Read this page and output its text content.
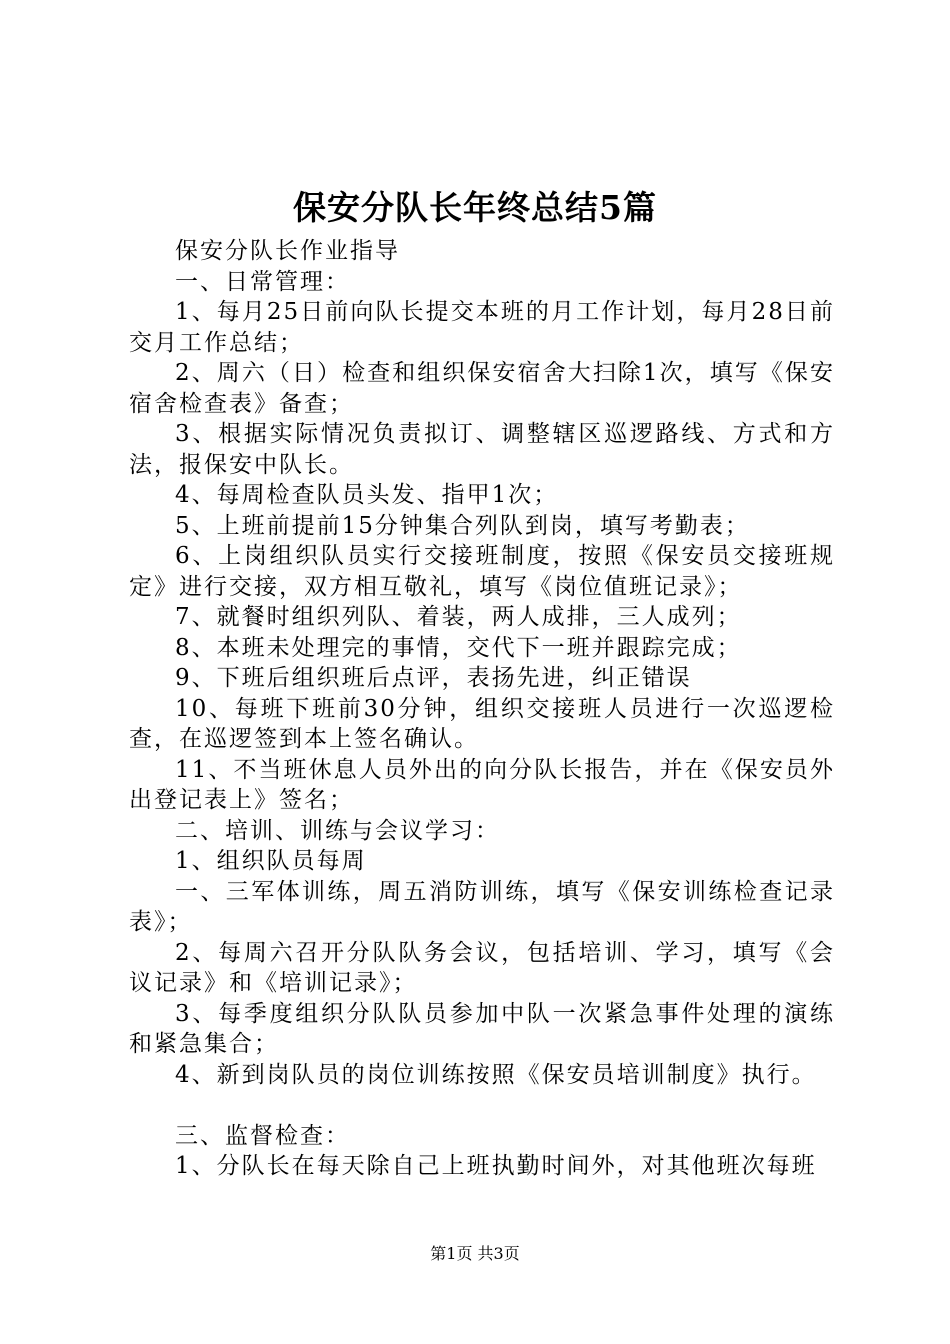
保安分队长年终总结5篇

保安分队长作业指导

一、日常管理：

1、每月25日前向队长提交本班的月工作计划，每月28日前交月工作总结；

2、周六（日）检查和组织保安宿舍大扫除1次，填写《保安宿舍检查表》备查；

3、根据实际情况负责拟订、调整辖区巡逻路线、方式和方法，报保安中队长。

4、每周检查队员头发、指甲1次；

5、上班前提前15分钟集合列队到岗，填写考勤表；

6、上岗组织队员实行交接班制度，按照《保安员交接班规定》进行交接，双方相互敬礼，填写《岗位值班记录》；

7、就餐时组织列队、着装，两人成排，三人成列；

8、本班未处理完的事情，交代下一班并跟踪完成；

9、下班后组织班后点评，表扬先进，纠正错误

10、每班下班前30分钟，组织交接班人员进行一次巡逻检查，在巡逻签到本上签名确认。

11、不当班休息人员外出的向分队长报告，并在《保安员外出登记表上》签名；

二、培训、训练与会议学习：

1、组织队员每周

一、三军体训练，周五消防训练，填写《保安训练检查记录表》；

2、每周六召开分队队务会议，包括培训、学习，填写《会议记录》和《培训记录》；

3、每季度组织分队队员参加中队一次紧急事件处理的演练和紧急集合；

4、新到岗队员的岗位训练按照《保安员培训制度》执行。

三、监督检查：

1、分队长在每天除自己上班执勤时间外，对其他班次每班

第1页 共3页
